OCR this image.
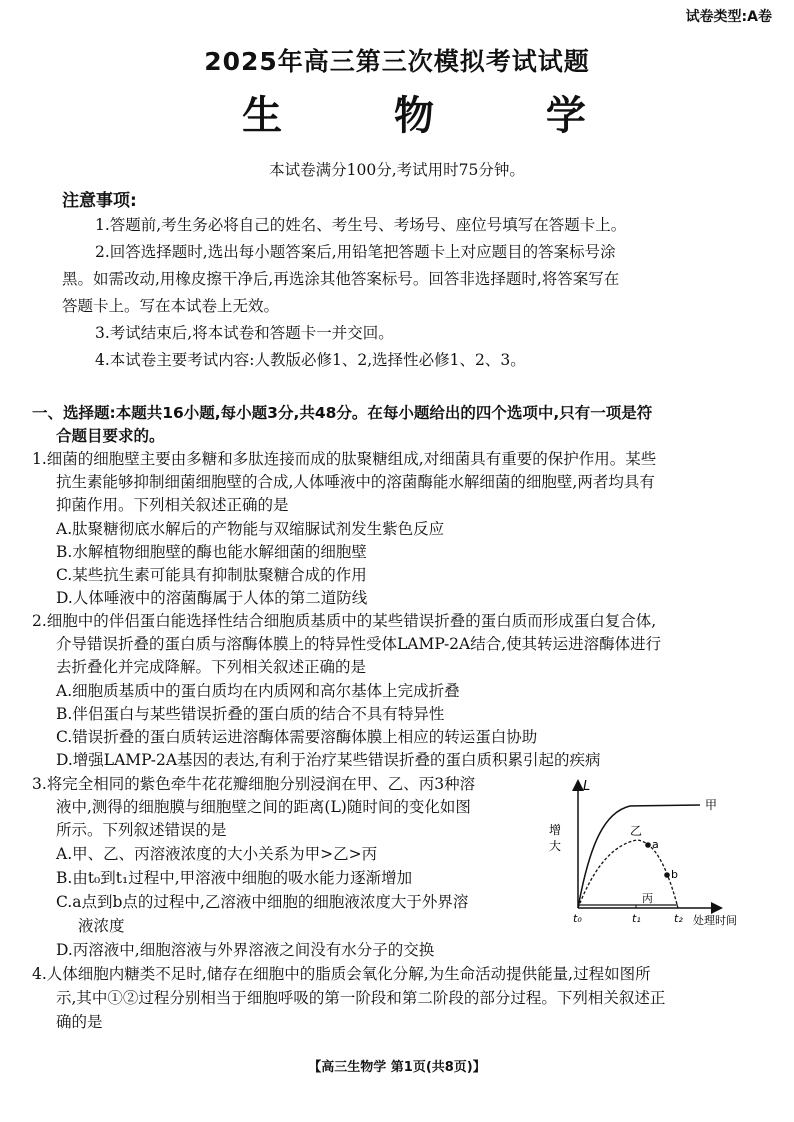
试卷类型:A卷
2025年高三第三次模拟考试试题
生 物 学
本试卷满分100分,考试用时75分钟。
注意事项:
1.答题前,考生务必将自己的姓名、考生号、考场号、座位号填写在答题卡上。
2.回答选择题时,选出每小题答案后,用铅笔把答题卡上对应题目的答案标号涂
黑。如需改动,用橡皮擦干净后,再选涂其他答案标号。回答非选择题时,将答案写在
答题卡上。写在本试卷上无效。
3.考试结束后,将本试卷和答题卡一并交回。
4.本试卷主要考试内容:人教版必修1、2,选择性必修1、2、3。
一、选择题:本题共16小题,每小题3分,共48分。在每小题给出的四个选项中,只有一项是符
合题目要求的。
1.细菌的细胞壁主要由多糖和多肽连接而成的肽聚糖组成,对细菌具有重要的保护作用。某些
抗生素能够抑制细菌细胞壁的合成,人体唾液中的溶菌酶能水解细菌的细胞壁,两者均具有
抑菌作用。下列相关叙述正确的是
A.肽聚糖彻底水解后的产物能与双缩脲试剂发生紫色反应
B.水解植物细胞壁的酶也能水解细菌的细胞壁
C.某些抗生素可能具有抑制肽聚糖合成的作用
D.人体唾液中的溶菌酶属于人体的第二道防线
2.细胞中的伴侣蛋白能选择性结合细胞质基质中的某些错误折叠的蛋白质而形成蛋白复合体,
介导错误折叠的蛋白质与溶酶体膜上的特异性受体LAMP-2A结合,使其转运进溶酶体进行
去折叠化并完成降解。下列相关叙述正确的是
A.细胞质基质中的蛋白质均在内质网和高尔基体上完成折叠
B.伴侣蛋白与某些错误折叠的蛋白质的结合不具有特异性
C.错误折叠的蛋白质转运进溶酶体需要溶酶体膜上相应的转运蛋白协助
D.增强LAMP-2A基因的表达,有利于治疗某些错误折叠的蛋白质积累引起的疾病
3.将完全相同的紫色牵牛花花瓣细胞分别浸润在甲、乙、丙3种溶
液中,测得的细胞膜与细胞壁之间的距离(L)随时间的变化如图
所示。下列叙述错误的是
A.甲、乙、丙溶液浓度的大小关系为甲>乙>丙
B.由t₀到t₁过程中,甲溶液中细胞的吸水能力逐渐增加
C.a点到b点的过程中,乙溶液中细胞的细胞液浓度大于外界溶
液浓度
D.丙溶液中,细胞溶液与外界溶液之间没有水分子的交换
L
增大
甲
乙
丙
a
b
t₀	t₁	t₂ 处理时间
4.人体细胞内糖类不足时,储存在细胞中的脂质会氧化分解,为生命活动提供能量,过程如图所
示,其中①②过程分别相当于细胞呼吸的第一阶段和第二阶段的部分过程。下列相关叙述正
确的是
【高三生物学 第1页(共8页)】
